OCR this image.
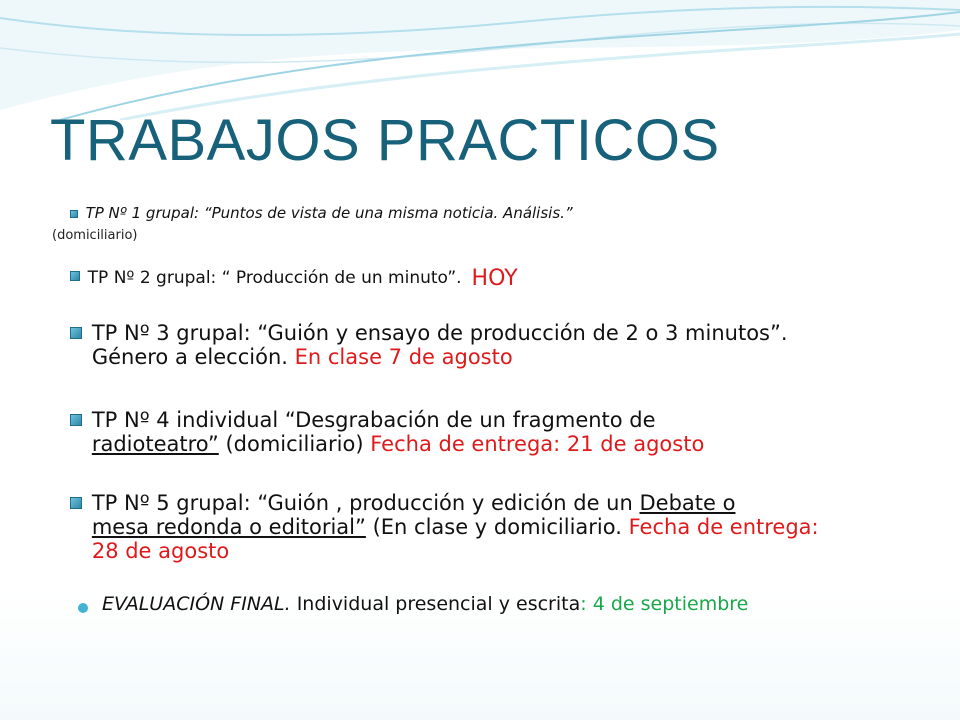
TRABAJOS PRACTICOS
TP Nº 1 grupal: “Puntos de vista de una misma noticia. Análisis.”
(domiciliario)
TP Nº 2 grupal: “ Producción de un minuto”. HOY
TP Nº 3 grupal: “Guión y ensayo de producción de 2 o 3 minutos”.
Género a elección. En clase 7 de agosto
TP Nº 4 individual “Desgrabación de un fragmento de
radioteatro” (domiciliario) Fecha de entrega: 21 de agosto
TP Nº 5 grupal: “Guión , producción y edición de un Debate o
mesa redonda o editorial” (En clase y domiciliario. Fecha de entrega:
28 de agosto
EVALUACIÓN FINAL. Individual presencial y escrita: 4 de septiembre
